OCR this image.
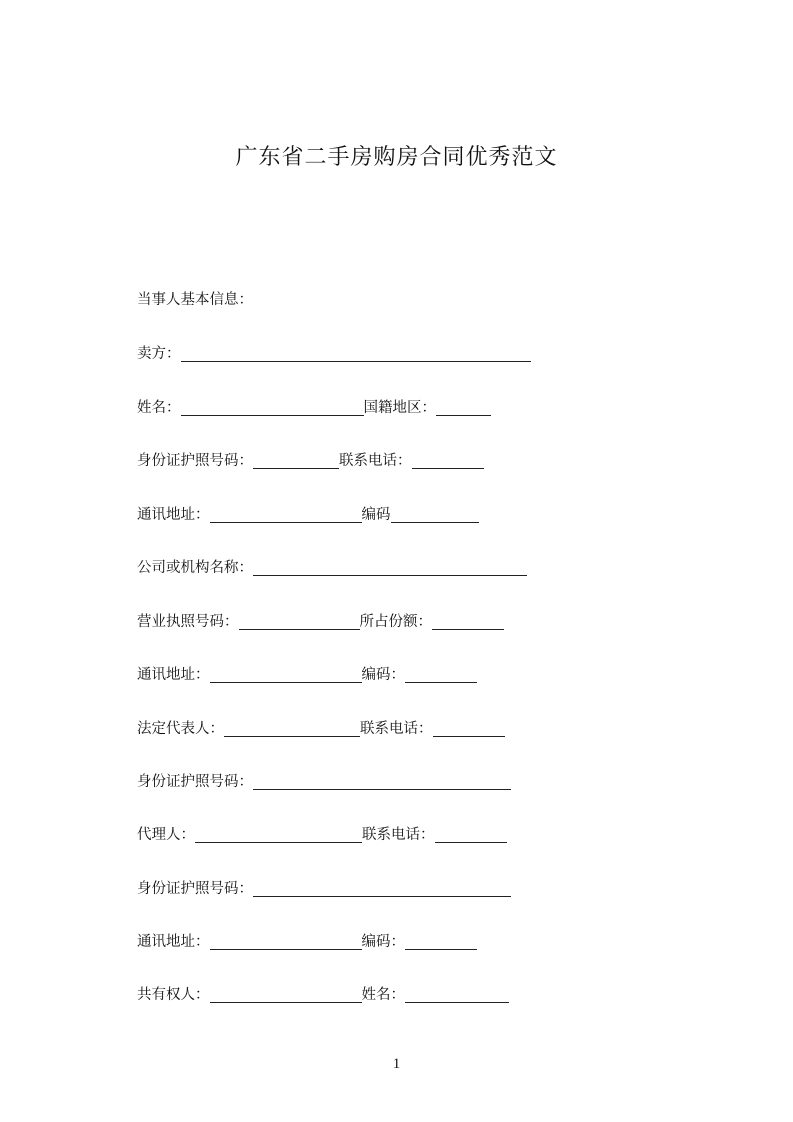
广东省二手房购房合同优秀范文
当事人基本信息：
卖方：
姓名：	国籍地区：
身份证护照号码：	联系电话：
通讯地址：	编码
公司或机构名称：
营业执照号码：	所占份额：
通讯地址：	编码：
法定代表人：	联系电话：
身份证护照号码：
代理人：	联系电话：
身份证护照号码：
通讯地址：	编码：
共有权人：	姓名：
1
